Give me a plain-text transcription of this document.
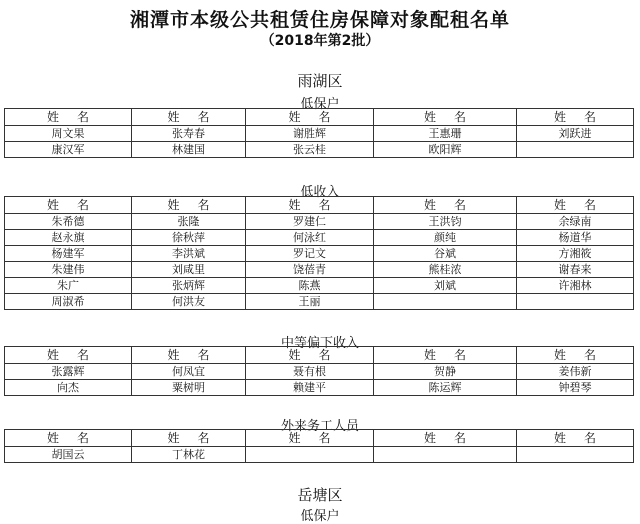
湘潭市本级公共租赁住房保障对象配租名单
（2018年第2批）
雨湖区
低保户
姓名	姓名	姓名	姓名	姓名
周文果	张寿春	谢胜辉	王惠珊	刘跃进
康汉军	林建国	张云桂	欧阳辉	
低收入
姓名	姓名	姓名	姓名	姓名
朱希德	张隆	罗建仁	王洪钧	余绿南
赵永旗	徐秋萍	何泳红	颜纯	杨道华
杨建军	李洪斌	罗记文	谷斌	方湘筱
朱建伟	刘咸里	饶蓓青	熊桂浓	谢春来
朱广	张炳辉	陈燕	刘斌	许湘林
周淑希	何洪友	王丽		
中等偏下收入
姓名	姓名	姓名	姓名	姓名
张露辉	何凤宜	聂有根	贺静	姜伟新
向杰	粟树明	赖建平	陈运辉	钟碧琴
外来务工人员
姓名	姓名	姓名	姓名	姓名
胡国云	丁林花			
岳塘区
低保户
